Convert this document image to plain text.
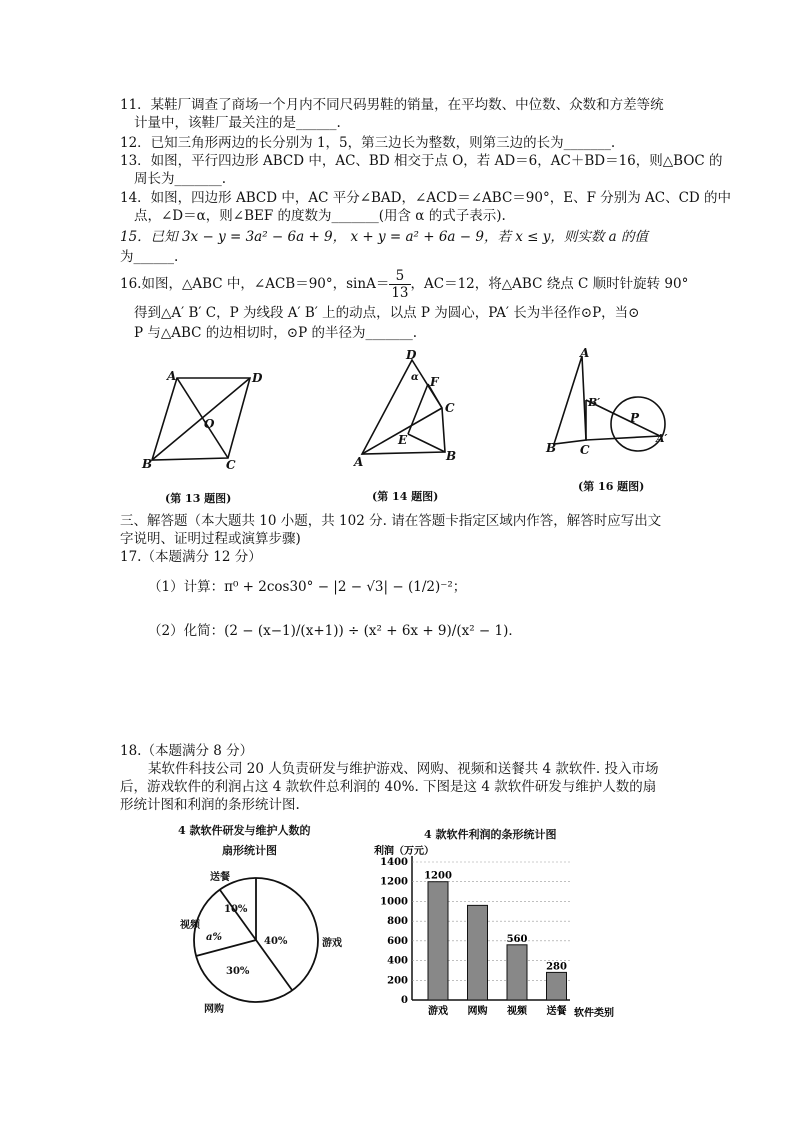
11．某鞋厂调查了商场一个月内不同尺码男鞋的销量，在平均数、中位数、众数和方差等统
计量中，该鞋厂最关注的是______.
12．已知三角形两边的长分别为 1，5，第三边长为整数，则第三边的长为_______.
13．如图，平行四边形 ABCD 中，AC、BD 相交于点 O，若 AD＝6，AC＋BD＝16，则△BOC 的
周长为_______.
14．如图，四边形 ABCD 中，AC 平分∠BAD，∠ACD＝∠ABC＝90°，E、F 分别为 AC、CD 的中
点，∠D＝α，则∠BEF 的度数为_______(用含 α 的式子表示).
15．已知 3x − y = 3a² − 6a + 9， x + y = a² + 6a − 9，若 x ≤ y，则实数 a 的值
为______.
16.如图，△ABC 中，∠ACB＝90°，$\sin A= \frac{5}{13}$ ，AC＝12，将△ABC 绕点 C 顺时针旋转 90°
得到△A′ B′ C，P 为线段 A′ B′ 上的动点，以点 P 为圆心，PA′ 长为半径作⊙P，当⊙
P 与△ABC 的边相切时，⊙P 的半径为_______.
A	D
B	C
O
(第 13 题图)
D
α F
C
E
B
A
(第 14 题图)
A
B′
P
A′
B C
(第 16 题图)
三、解答题（本大题共 10 小题，共 102 分. 请在答题卡指定区域内作答，解答时应写出文
字说明、证明过程或演算步骤)
17.（本题满分 12 分）
（1）计算：π⁰ + 2cos30° − |2 − √3| − (1/2)⁻²；
（2）化简：(2 − (x−1)/(x+1)) ÷ (x² + 6x + 9)/(x² − 1)．
18.（本题满分 8 分）
某软件科技公司 20 人负责研发与维护游戏、网购、视频和送餐共 4 款软件. 投入市场
后，游戏软件的利润占这 4 款软件总利润的 40%. 下图是这 4 款软件研发与维护人数的扇
形统计图和利润的条形统计图.
4 款软件研发与维护人数的
扇形统计图
10%
a%	40%
30%
送餐
视频
游戏
网购
4 款软件利润的条形统计图
利润（万元）
软件类别
0
200
400
600
800
1000
1200
1400
1200
游戏 网购
560
视频
280
送餐
